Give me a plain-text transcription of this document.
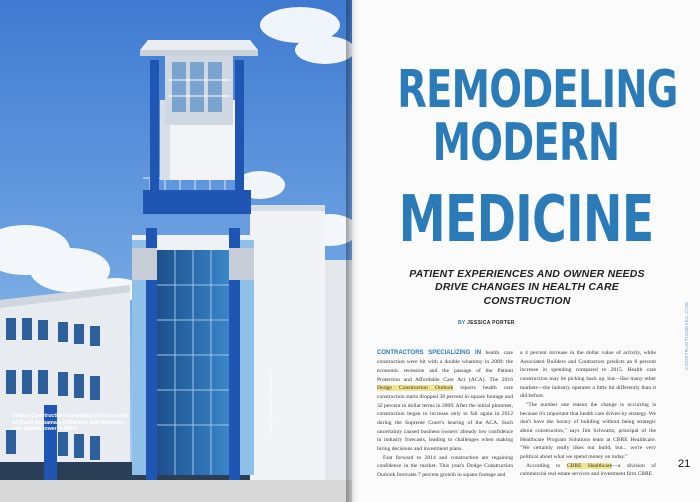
Dooley Construction completed the University of South Alabama's Children's and Women's new patient tower in 2014.	Dooley Construction / Photo credit
REMODELING
MODERN
MEDICINE
PATIENT EXPERIENCES AND OWNER NEEDS DRIVE CHANGES IN HEALTH CARE CONSTRUCTION
BY JESSICA PORTER
CONTRACTORS SPECIALIZING IN health care construction were hit with a double whammy in 2009: the economic recession and the passage of the Patient Protection and Affordable Care Act (ACA). The 2016 Dodge Construction Outlook reports health care construction starts dropped 38 percent in square footage and 32 percent in dollar terms in 2009. After the initial plummet, construction began to increase only to fall again in 2012 during the Supreme Court's hearing of the ACA. Such uncertainty caused business owners' already low confidence in industry forecasts, leading to challenges when making hiring decisions and investment plans.
Fast forward to 2014 and construction are regaining confidence in the market. This year's Dodge Construction Outlook forecasts 7 percent growth in square footage and
a 4 percent increase in the dollar value of activity, while Associated Builders and Contractors predicts an 8 percent increase in spending compared to 2015. Health care construction may be picking back up, but—like many other markets—the industry operates a little bit differently than it did before.
"The number one reason the change is occurring is because it's important that health care driven by strategy. We don't have the luxury of building without being strategic about construction," says Jim Schwartz, principal of the Healthcare Program Solutions team at CBRE Healthcare. "We certainly really likes our build, but... we're very political about what we spend money on today."
According to CBRE Healthcare—a division of commercial real estate services and investment firm CBRE
CONSTRUCTIONEXEC.COM
21
